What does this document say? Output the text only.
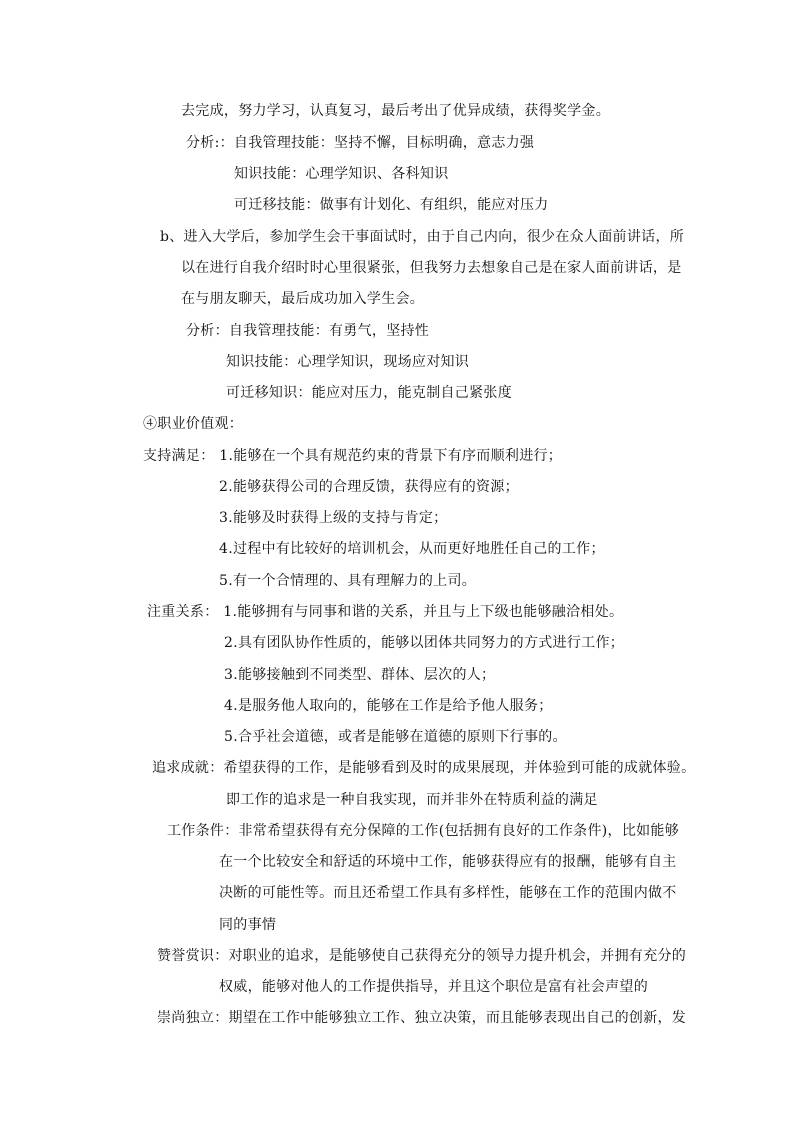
去完成，努力学习，认真复习，最后考出了优异成绩，获得奖学金。
分析:：自我管理技能：坚持不懈，目标明确，意志力强
知识技能：心理学知识、各科知识
可迁移技能：做事有计划化、有组织，能应对压力
b、进入大学后，参加学生会干事面试时，由于自己内向，很少在众人面前讲话，所
以在进行自我介绍时时心里很紧张，但我努力去想象自己是在家人面前讲话，是
在与朋友聊天，最后成功加入学生会。
分析：自我管理技能：有勇气，坚持性
知识技能：心理学知识，现场应对知识
可迁移知识：能应对压力，能克制自己紧张度
④职业价值观：
支持满足： 1.能够在一个具有规范约束的背景下有序而顺利进行；
2.能够获得公司的合理反馈，获得应有的资源；
3.能够及时获得上级的支持与肯定；
4.过程中有比较好的培训机会，从而更好地胜任自己的工作；
5.有一个合情理的、具有理解力的上司。
注重关系： 1.能够拥有与同事和谐的关系，并且与上下级也能够融洽相处。
2.具有团队协作性质的，能够以团体共同努力的方式进行工作；
3.能够接触到不同类型、群体、层次的人；
4.是服务他人取向的，能够在工作是给予他人服务；
5.合乎社会道德，或者是能够在道德的原则下行事的。
追求成就：希望获得的工作，是能够看到及时的成果展现，并体验到可能的成就体验。
即工作的追求是一种自我实现，而并非外在特质利益的满足
工作条件：非常希望获得有充分保障的工作(包括拥有良好的工作条件)，比如能够
在一个比较安全和舒适的环境中工作，能够获得应有的报酬，能够有自主
决断的可能性等。而且还希望工作具有多样性，能够在工作的范围内做不
同的事情
赞誉赏识：对职业的追求，是能够使自己获得充分的领导力提升机会，并拥有充分的
权威，能够对他人的工作提供指导，并且这个职位是富有社会声望的
崇尚独立：期望在工作中能够独立工作、独立决策，而且能够表现出自己的创新，发
